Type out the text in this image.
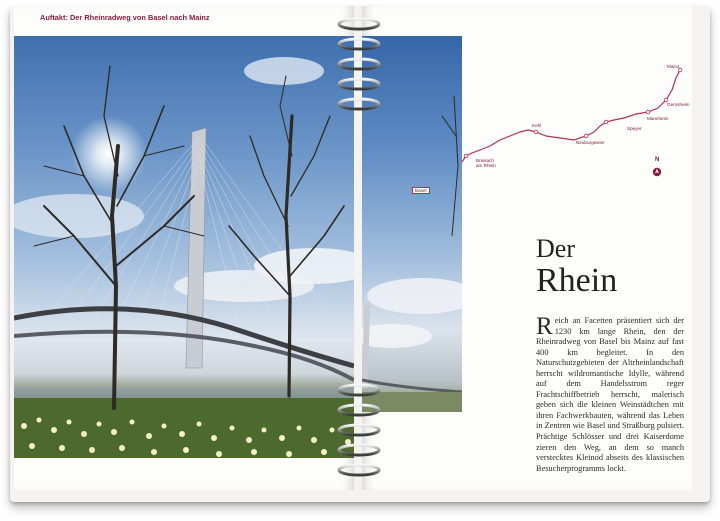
Auftakt: Der Rheinradweg von Basel nach Mainz
Breisach
am Rhein
Kehl
Neuburgweier
Speyer
Mannheim
Gernsheim
Mainz
N
Basel
Der
Rhein
Reich an Facetten präsentiert sich der 1230 km lange Rhein, den der Rheinradweg von Basel bis Mainz auf fast 400 km begleitet. In den Naturschutzgebieten der Altrheinlandschaft herrscht wildromantische Idylle, während auf dem Handelsstrom reger Frachtschiffbetrieb herrscht, malerisch geben sich die kleinen Weinstädtchen mit ihren Fachwerkbauten, während das Leben in Zentren wie Basel und Straßburg pulsiert. Prächtige Schlösser und drei Kaiserdome zieren den Weg, an dem so manch verstecktes Kleinod abseits des klassischen Besucherprogramms lockt.
